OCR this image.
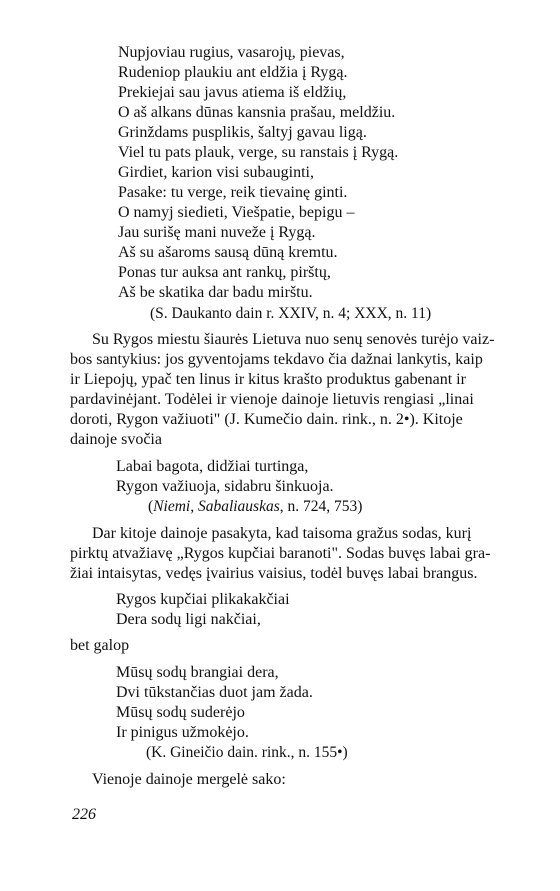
Nupjoviau rugius, vasarojų, pievas,
Rudeniop plaukiu ant eldžia į Rygą.
Prekiejai sau javus atiema iš eldžių,
O aš alkans dūnas kansnia prašau, meldžiu.
Grinždams pusplikis, šaltyj gavau ligą.
Viel tu pats plauk, verge, su ranstais į Rygą.
Girdiet, karion visi subauginti,
Pasake: tu verge, reik tievainę ginti.
O namyj siedieti, Viešpatie, bepigu –
Jau surišę mani nuveže į Rygą.
Aš su ašaroms sausą dūną kremtu.
Ponas tur auksa ant rankų, pirštų,
Aš be skatika dar badu mirštu.
(S. Daukanto dain r. XXIV, n. 4; XXX, n. 11)
Su Rygos miestu šiaurės Lietuva nuo senų senovės turėjo vaiz-
bos santykius: jos gyventojams tekdavo čia dažnai lankytis, kaip
ir Liepojų, ypač ten linus ir kitus krašto produktus gabenant ir
pardavinėjant. Todėlei ir vienoje dainoje lietuvis rengiasi „linai
doroti, Rygon važiuoti" (J. Kumečio dain. rink., n. 2•). Kitoje
dainoje svočia
Labai bagota, didžiai turtinga,
Rygon važiuoja, sidabru šinkuoja.
(Niemi, Sabaliauskas, n. 724, 753)
Dar kitoje dainoje pasakyta, kad taisoma gražus sodas, kurį
pirktų atvažiavę „Rygos kupčiai baranoti". Sodas buvęs labai gra-
žiai intaisytas, vedęs įvairius vaisius, todėl buvęs labai brangus.
Rygos kupčiai plikakakčiai
Dera sodų ligi nakčiai,
bet galop
Mūsų sodų brangiai dera,
Dvi tūkstančias duot jam žada.
Mūsų sodų suderėjo
Ir pinigus užmokėjo.
(K. Gineičio dain. rink., n. 155•)
Vienoje dainoje mergelė sako:
226
